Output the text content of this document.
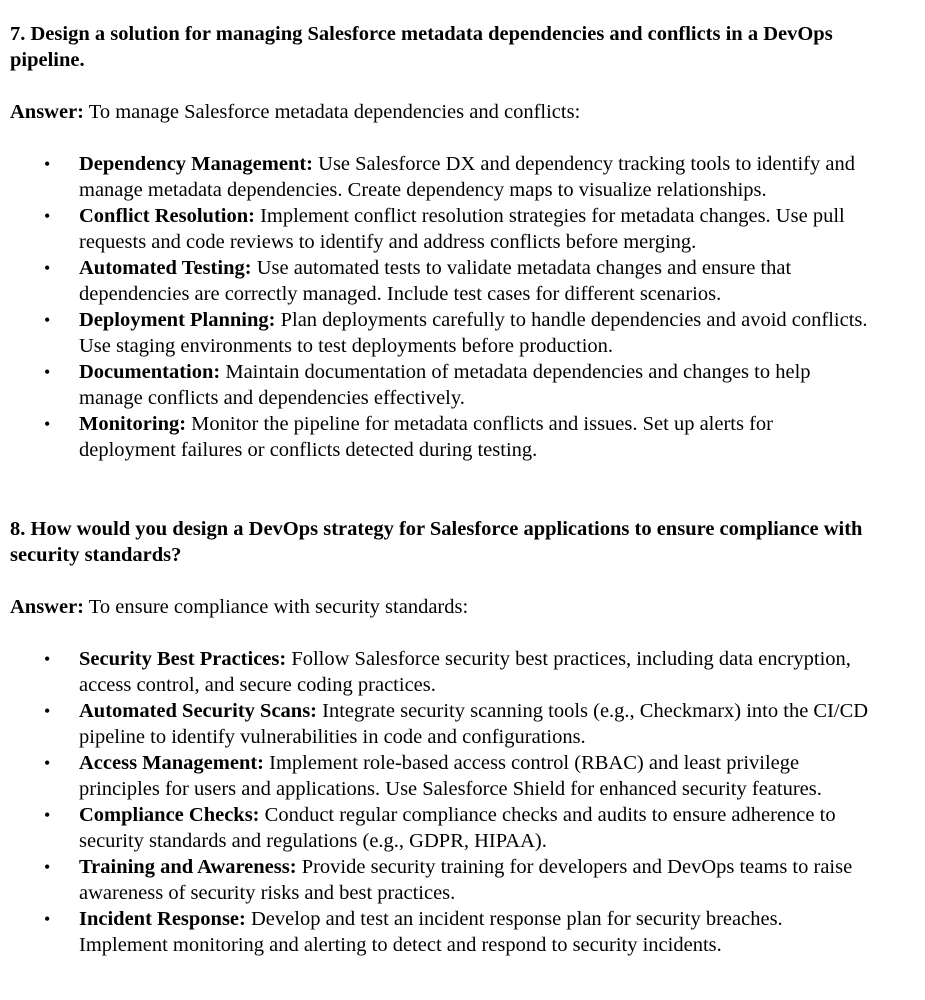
7. Design a solution for managing Salesforce metadata dependencies and conflicts in a DevOps pipeline.

Answer: To manage Salesforce metadata dependencies and conflicts:

• Dependency Management: Use Salesforce DX and dependency tracking tools to identify and manage metadata dependencies. Create dependency maps to visualize relationships.
• Conflict Resolution: Implement conflict resolution strategies for metadata changes. Use pull requests and code reviews to identify and address conflicts before merging.
• Automated Testing: Use automated tests to validate metadata changes and ensure that dependencies are correctly managed. Include test cases for different scenarios.
• Deployment Planning: Plan deployments carefully to handle dependencies and avoid conflicts. Use staging environments to test deployments before production.
• Documentation: Maintain documentation of metadata dependencies and changes to help manage conflicts and dependencies effectively.
• Monitoring: Monitor the pipeline for metadata conflicts and issues. Set up alerts for deployment failures or conflicts detected during testing.
8. How would you design a DevOps strategy for Salesforce applications to ensure compliance with security standards?

Answer: To ensure compliance with security standards:

• Security Best Practices: Follow Salesforce security best practices, including data encryption, access control, and secure coding practices.
• Automated Security Scans: Integrate security scanning tools (e.g., Checkmarx) into the CI/CD pipeline to identify vulnerabilities in code and configurations.
• Access Management: Implement role-based access control (RBAC) and least privilege principles for users and applications. Use Salesforce Shield for enhanced security features.
• Compliance Checks: Conduct regular compliance checks and audits to ensure adherence to security standards and regulations (e.g., GDPR, HIPAA).
• Training and Awareness: Provide security training for developers and DevOps teams to raise awareness of security risks and best practices.
• Incident Response: Develop and test an incident response plan for security breaches. Implement monitoring and alerting to detect and respond to security incidents.
